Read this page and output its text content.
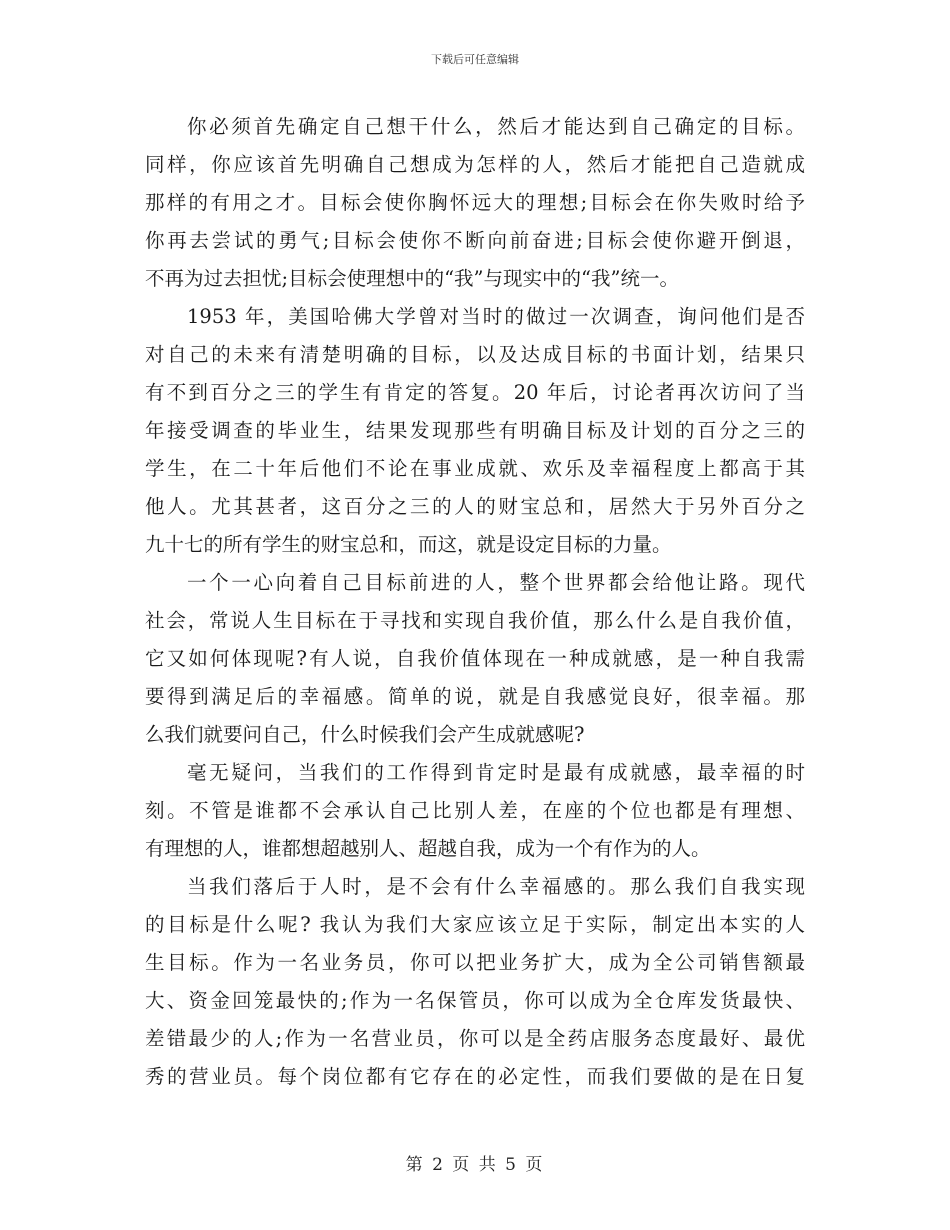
下载后可任意编辑
你必须首先确定自己想干什么，然后才能达到自己确定的目标。
同样，你应该首先明确自己想成为怎样的人，然后才能把自己造就成
那样的有用之才。目标会使你胸怀远大的理想;目标会在你失败时给予
你再去尝试的勇气;目标会使你不断向前奋进;目标会使你避开倒退，
不再为过去担忧;目标会使理想中的“我”与现实中的“我”统一。
1953 年，美国哈佛大学曾对当时的做过一次调查，询问他们是否
对自己的未来有清楚明确的目标，以及达成目标的书面计划，结果只
有不到百分之三的学生有肯定的答复。20 年后，讨论者再次访问了当
年接受调查的毕业生，结果发现那些有明确目标及计划的百分之三的
学生，在二十年后他们不论在事业成就、欢乐及幸福程度上都高于其
他人。尤其甚者，这百分之三的人的财宝总和，居然大于另外百分之
九十七的所有学生的财宝总和，而这，就是设定目标的力量。
一个一心向着自己目标前进的人，整个世界都会给他让路。现代
社会，常说人生目标在于寻找和实现自我价值，那么什么是自我价值，
它又如何体现呢?有人说，自我价值体现在一种成就感，是一种自我需
要得到满足后的幸福感。简单的说，就是自我感觉良好，很幸福。那
么我们就要问自己，什么时候我们会产生成就感呢?
毫无疑问，当我们的工作得到肯定时是最有成就感，最幸福的时
刻。不管是谁都不会承认自己比别人差，在座的个位也都是有理想、
有理想的人，谁都想超越别人、超越自我，成为一个有作为的人。
当我们落后于人时，是不会有什么幸福感的。那么我们自我实现
的目标是什么呢? 我认为我们大家应该立足于实际，制定出本实的人
生目标。作为一名业务员，你可以把业务扩大，成为全公司销售额最
大、资金回笼最快的;作为一名保管员，你可以成为全仓库发货最快、
差错最少的人;作为一名营业员，你可以是全药店服务态度最好、最优
秀的营业员。每个岗位都有它存在的必定性，而我们要做的是在日复
第 2 页 共 5 页
